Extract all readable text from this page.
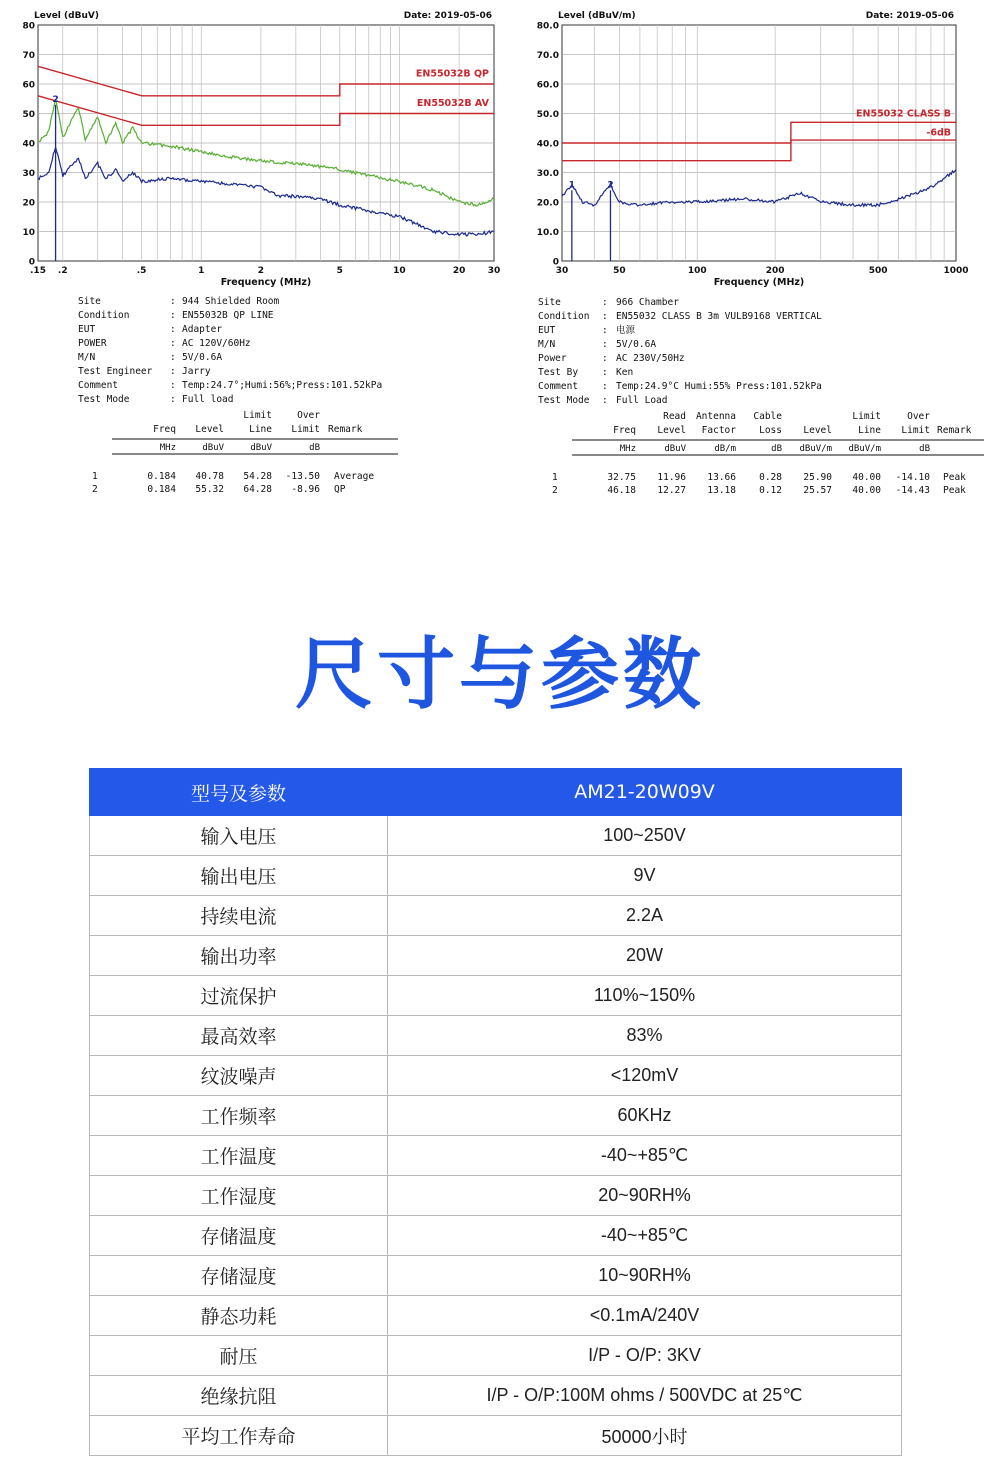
0
10
20
30
40
50
60
70
80
.15 .2	.5	1	2	5	10	20 30
2
EN55032B QP
EN55032B AV
Level (dBuV)	Date: 2019-05-06
Frequency (MHz)
Site	: 944 Shielded Room
Condition	: EN55032B QP LINE
EUT	: Adapter
POWER	: AC 120V/60Hz
M/N	: 5V/0.6A
Test Engineer : Jarry
Comment	: Temp:24.7°;Humi:56%;Press:101.52kPa
Test Mode	: Full load
Limit	Over
Freq Level	Line Limit Remark
MHz	dBuV	dBuV	dB
1	0.184 40.78 54.28 -13.50 Average
2	0.184 55.32 64.28 -8.96 QP
0
10.0
20.0
30.0
40.0
50.0
60.0
70.0
80.0
30	50	100	200	500	1000
1	2
EN55032 CLASS B
-6dB
Level (dBuV/m)	Date: 2019-05-06
Frequency (MHz)
Site	: 966 Chamber
Condition : EN55032 CLASS B 3m VULB9168 VERTICAL
EUT	: 电源
M/N	: 5V/0.6A
Power	: AC 230V/50Hz
Test By	: Ken
Comment	: Temp:24.9°C Humi:55% Press:101.52kPa
Test Mode : Full Load
Read Antenna Cable	Limit	Over
Freq Level Factor Loss Level	Line Limit Remark
MHz	dBuV	dB/m	dB dBuV/m dBuV/m	dB
1	32.75 11.96 13.66 0.28 25.90 40.00 -14.10 Peak
2	46.18 12.27 13.18 0.12 25.57 40.00 -14.43 Peak
尺寸与参数
型号及参数	AM21-20W09V
输入电压	100~250V
输出电压	9V
持续电流	2.2A
输出功率	20W
过流保护	110%~150%
最高效率	83%
纹波噪声	<120mV
工作频率	60KHz
工作温度	-40~+85℃
工作湿度	20~90RH%
存储温度	-40~+85℃
存储湿度	10~90RH%
静态功耗	<0.1mA/240V
耐压	I/P - O/P: 3KV
绝缘抗阻	I/P - O/P:100M ohms / 500VDC at 25℃
平均工作寿命	50000小时
